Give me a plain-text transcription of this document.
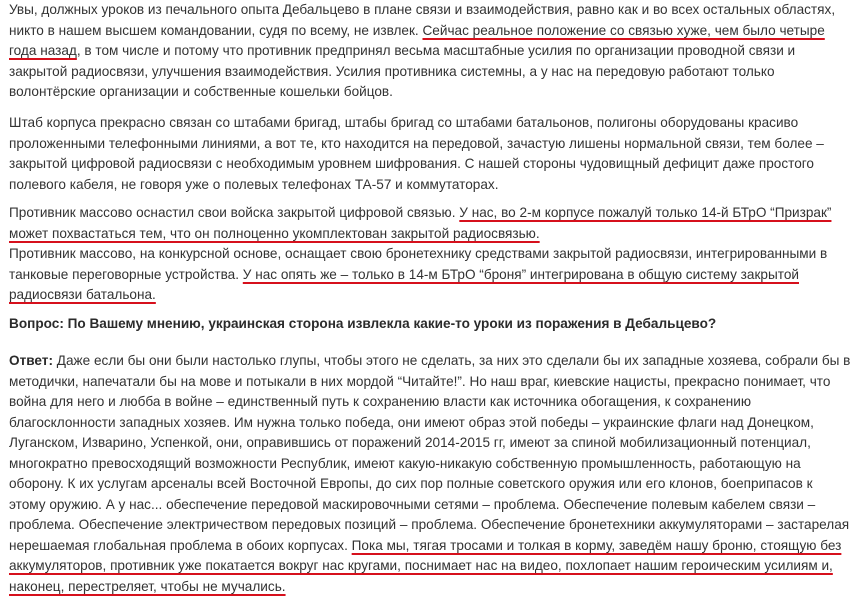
Увы, должных уроков из печального опыта Дебальцево в плане связи и взаимодействия, равно как и во всех остальных областях, никто в нашем высшем командовании, судя по всему, не извлек. Сейчас реальное положение со связью хуже, чем было четыре года назад, в том числе и потому что противник предпринял весьма масштабные усилия по организации проводной связи и закрытой радиосвязи, улучшения взаимодействия. Усилия противника системны, а у нас на передовую работают только волонтёрские организации и собственные кошельки бойцов.

Штаб корпуса прекрасно связан со штабами бригад, штабы бригад со штабами батальонов, полигоны оборудованы красиво проложенными телефонными линиями, а вот те, кто находится на передовой, зачастую лишены нормальной связи, тем более – закрытой цифровой радиосвязи с необходимым уровнем шифрования. С нашей стороны чудовищный дефицит даже простого полевого кабеля, не говоря уже о полевых телефонах ТА-57 и коммутаторах.

Противник массово оснастил свои войска закрытой цифровой связью. У нас, во 2-м корпусе пожалуй только 14-й БТрО “Призрак” может похвастаться тем, что он полноценно укомплектован закрытой радиосвязью.
Противник массово, на конкурсной основе, оснащает свою бронетехнику средствами закрытой радиосвязи, интегрированными в танковые переговорные устройства. У нас опять же – только в 14-м БТрО “броня” интегрирована в общую систему закрытой радиосвязи батальона.

Вопрос: По Вашему мнению, украинская сторона извлекла какие-то уроки из поражения в Дебальцево?

Ответ: Даже если бы они были настолько глупы, чтобы этого не сделать, за них это сделали бы их западные хозяева, собрали бы в методички, напечатали бы на мове и потыкали в них мордой “Читайте!”. Но наш враг, киевские нацисты, прекрасно понимает, что война для него и любба в войне – единственный путь к сохранению власти как источника обогащения, к сохранению благосклонности западных хозяев. Им нужна только победа, они имеют образ этой победы – украинские флаги над Донецком, Луганском, Изварино, Успенкой, они, оправившись от поражений 2014-2015 гг, имеют за спиной мобилизационный потенциал, многократно превосходящий возможности Республик, имеют какую-никакую собственную промышленность, работающую на оборону. К их услугам арсеналы всей Восточной Европы, до сих пор полные советского оружия или его клонов, боеприпасов к этому оружию. А у нас... обеспечение передовой маскировочными сетями – проблема. Обеспечение полевым кабелем связи – проблема. Обеспечение электричеством передовых позиций – проблема. Обеспечение бронетехники аккумуляторами – застарелая нерешаемая глобальная проблема в обоих корпусах. Пока мы, тягая тросами и толкая в корму, заведём нашу броню, стоящую без аккумуляторов, противник уже покатается вокруг нас кругами, поснимает нас на видео, похлопает нашим героическим усилиям и, наконец, перестреляет, чтобы не мучались.
